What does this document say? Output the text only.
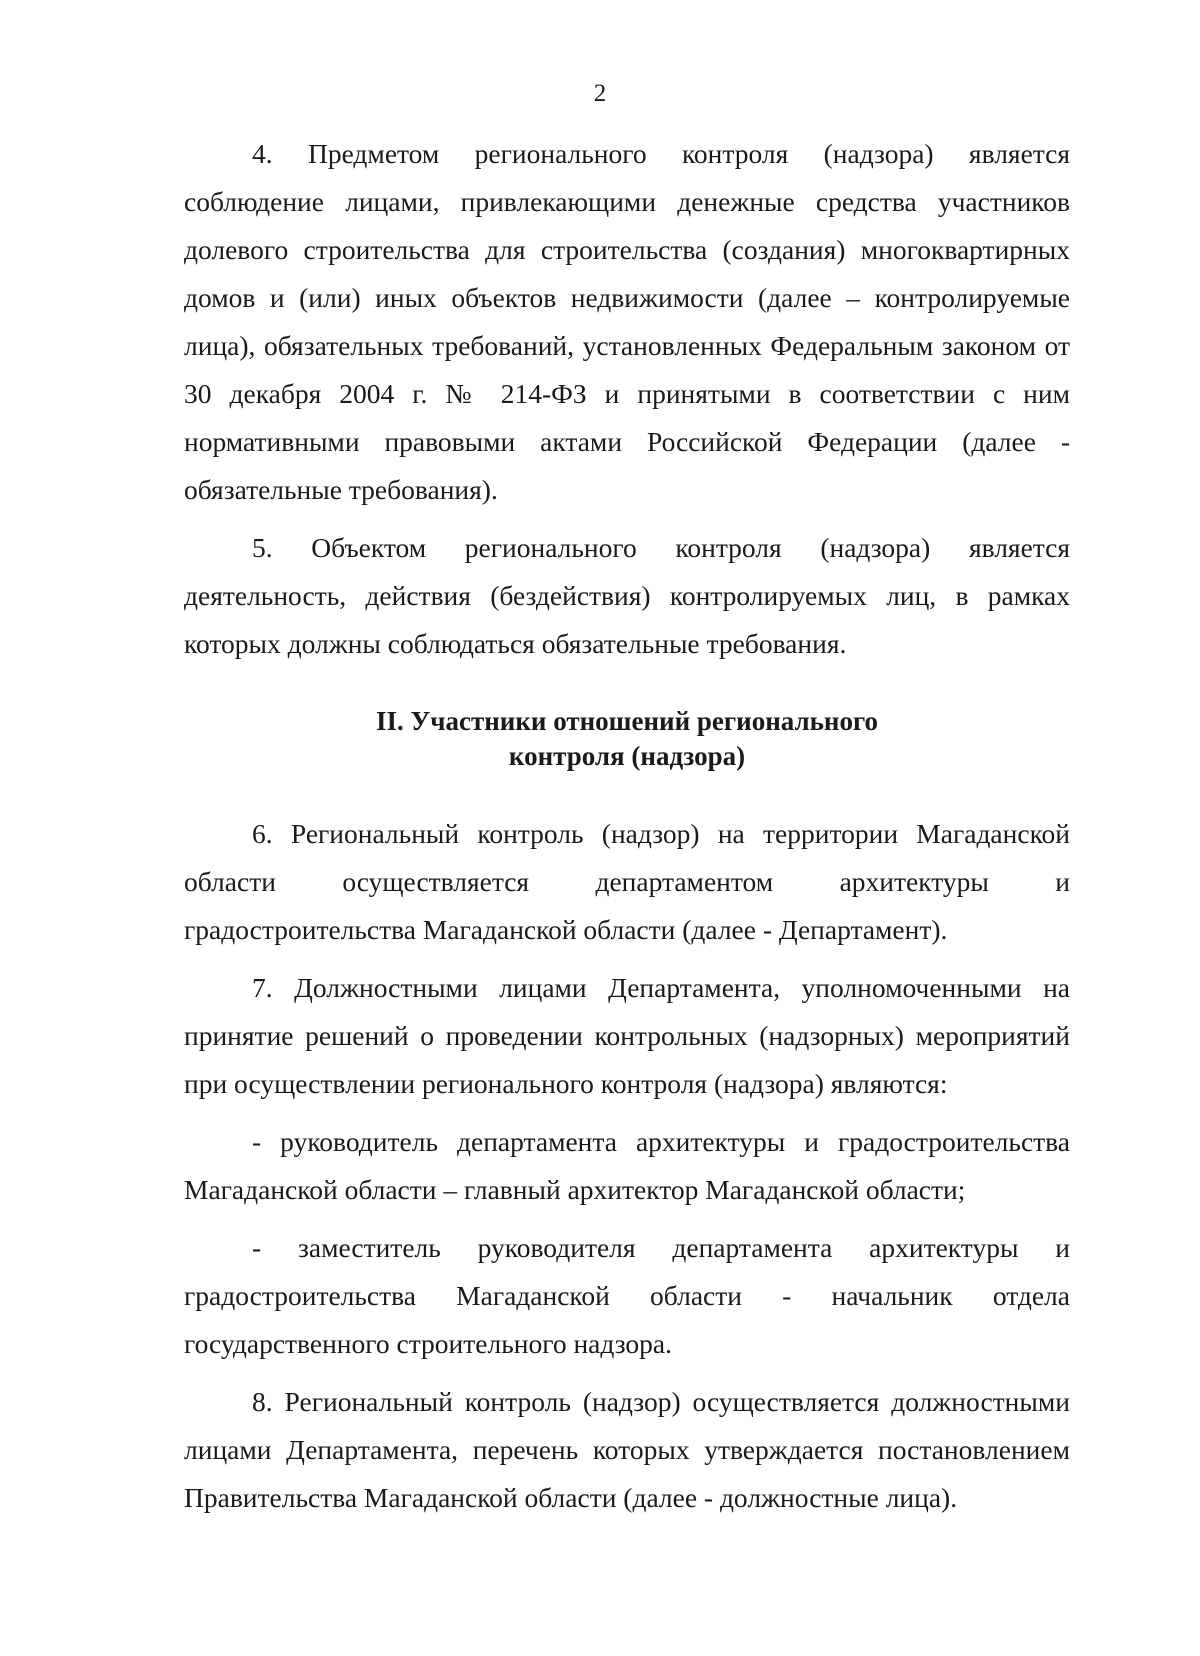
2

4. Предметом регионального контроля (надзора) является соблюдение лицами, привлекающими денежные средства участников долевого строительства для строительства (создания) многоквартирных домов и (или) иных объектов недвижимости (далее – контролируемые лица), обязательных требований, установленных Федеральным законом от 30 декабря 2004 г. № 214-ФЗ и принятыми в соответствии с ним нормативными правовыми актами Российской Федерации (далее - обязательные требования).

5. Объектом регионального контроля (надзора) является деятельность, действия (бездействия) контролируемых лиц, в рамках которых должны соблюдаться обязательные требования.

II. Участники отношений регионального
контроля (надзора)

6. Региональный контроль (надзор) на территории Магаданской области осуществляется департаментом архитектуры и градостроительства Магаданской области (далее - Департамент).

7. Должностными лицами Департамента, уполномоченными на принятие решений о проведении контрольных (надзорных) мероприятий при осуществлении регионального контроля (надзора) являются:

- руководитель департамента архитектуры и градостроительства Магаданской области – главный архитектор Магаданской области;

- заместитель руководителя департамента архитектуры и градостроительства Магаданской области - начальник отдела государственного строительного надзора.

8. Региональный контроль (надзор) осуществляется должностными лицами Департамента, перечень которых утверждается постановлением Правительства Магаданской области (далее - должностные лица).
